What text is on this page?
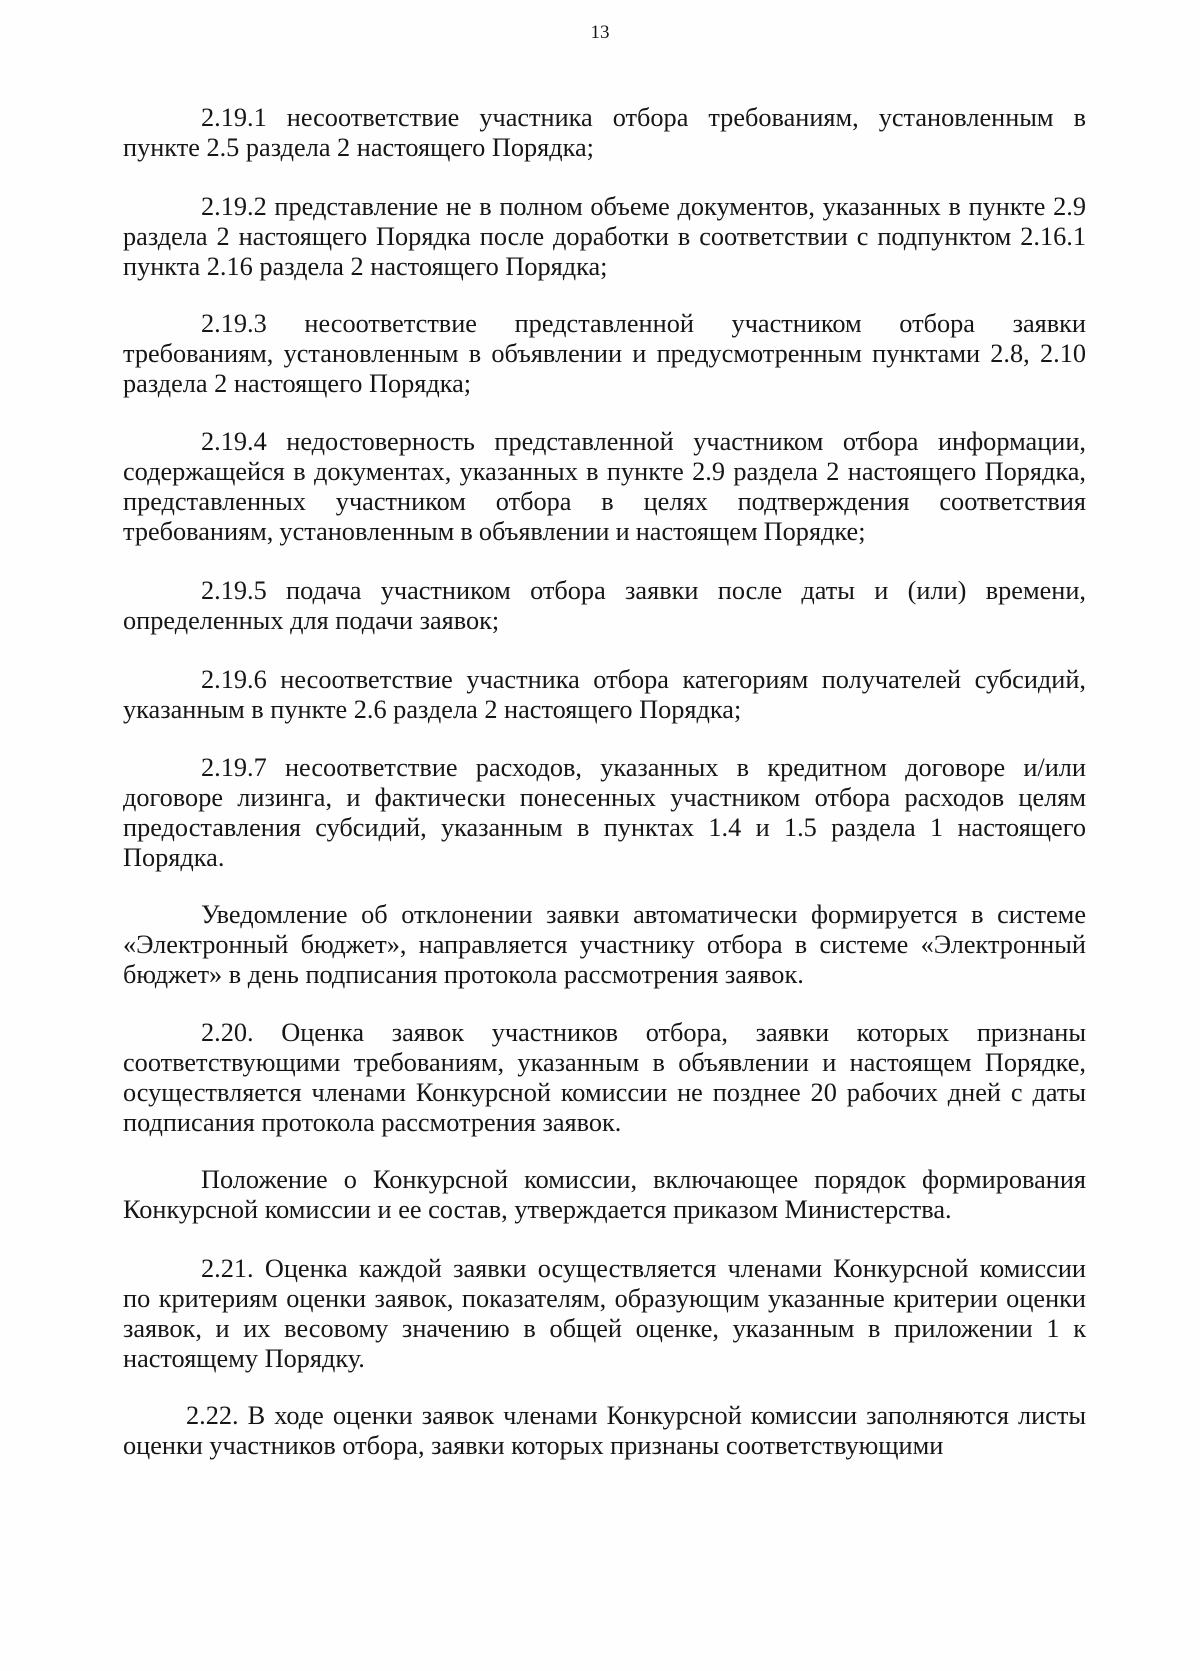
13

2.19.1 несоответствие участника отбора требованиям, установленным в пункте 2.5 раздела 2 настоящего Порядка;

2.19.2 представление не в полном объеме документов, указанных в пункте 2.9 раздела 2 настоящего Порядка после доработки в соответствии с подпунктом 2.16.1 пункта 2.16 раздела 2 настоящего Порядка;

2.19.3 несоответствие представленной участником отбора заявки требованиям, установленным в объявлении и предусмотренным пунктами 2.8, 2.10 раздела 2 настоящего Порядка;

2.19.4 недостоверность представленной участником отбора информации, содержащейся в документах, указанных в пункте 2.9 раздела 2 настоящего Порядка, представленных участником отбора в целях подтверждения соответствия требованиям, установленным в объявлении и настоящем Порядке;

2.19.5 подача участником отбора заявки после даты и (или) времени, определенных для подачи заявок;

2.19.6 несоответствие участника отбора категориям получателей субсидий, указанным в пункте 2.6 раздела 2 настоящего Порядка;

2.19.7 несоответствие расходов, указанных в кредитном договоре и/или договоре лизинга, и фактически понесенных участником отбора расходов целям предоставления субсидий, указанным в пунктах 1.4 и 1.5 раздела 1 настоящего Порядка.

Уведомление об отклонении заявки автоматически формируется в системе «Электронный бюджет», направляется участнику отбора в системе «Электронный бюджет» в день подписания протокола рассмотрения заявок.

2.20. Оценка заявок участников отбора, заявки которых признаны соответствующими требованиям, указанным в объявлении и настоящем Порядке, осуществляется членами Конкурсной комиссии не позднее 20 рабочих дней с даты подписания протокола рассмотрения заявок.

Положение о Конкурсной комиссии, включающее порядок формирования Конкурсной комиссии и ее состав, утверждается приказом Министерства.

2.21. Оценка каждой заявки осуществляется членами Конкурсной комиссии по критериям оценки заявок, показателям, образующим указанные критерии оценки заявок, и их весовому значению в общей оценке, указанным в приложении 1 к настоящему Порядку.

2.22. В ходе оценки заявок членами Конкурсной комиссии заполняются листы оценки участников отбора, заявки которых признаны соответствующими
